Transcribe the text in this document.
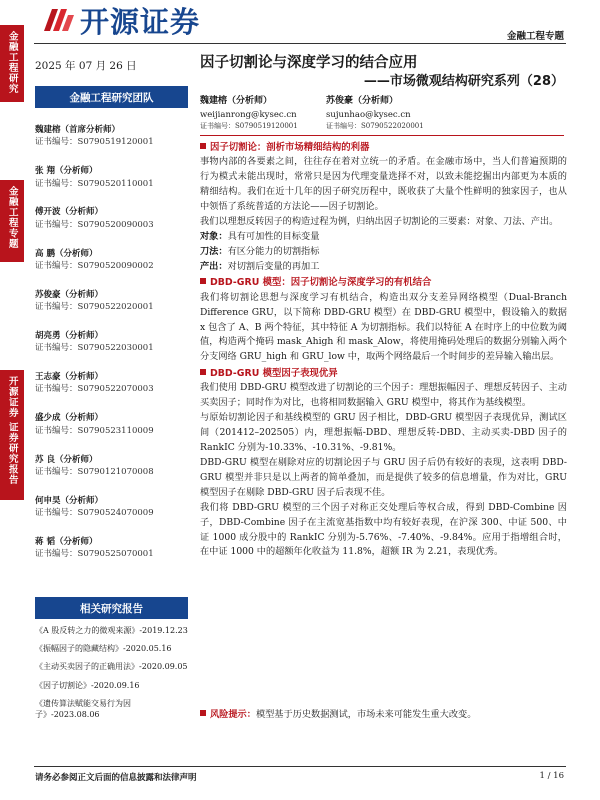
开源证券	金融工程专题
金融工程研究
金融工程专题
开源证券 证券研究报告
2025 年 07 月 26 日
金融工程研究团队
魏建榕（首席分析师）
证书编号：S0790519120001
张 翔（分析师）
证书编号：S0790520110001
傅开波（分析师）
证书编号：S0790520090003
高 鹏（分析师）
证书编号：S0790520090002
苏俊豪（分析师）
证书编号：S0790522020001
胡亮勇（分析师）
证书编号：S0790522030001
王志豪（分析师）
证书编号：S0790522070003
盛少成（分析师）
证书编号：S0790523110009
苏 良（分析师）
证书编号：S0790121070008
何申昊（分析师）
证书编号：S0790524070009
蒋 韬（分析师）
证书编号：S0790525070001
相关研究报告
《A 股反转之力的微观来源》-2019.12.23
《振幅因子的隐藏结构》-2020.05.16
《主动买卖因子的正确用法》-2020.09.05
《因子切割论》-2020.09.16
《遗传算法赋能交易行为因子》-2023.08.06
因子切割论与深度学习的结合应用
——市场微观结构研究系列（28）
魏建榕（分析师）
weijianrong@kysec.cn
证书编号：S0790519120001
苏俊豪（分析师）
sujunhao@kysec.cn
证书编号：S0790522020001
因子切割论：剖析市场精细结构的利器
事物内部的各要素之间，往往存在着对立统一的矛盾。在金融市场中，当人们普遍预期的行为模式未能出现时，常常只是因为代理变量选择不对，以致未能挖掘出内部更为本质的精细结构。我们在近十几年的因子研究历程中，既收获了大量个性鲜明的独家因子，也从中领悟了系统普适的方法论——因子切割论。
我们以理想反转因子的构造过程为例，归纳出因子切割论的三要素：对象、刀法、产出。
对象：具有可加性的目标变量
刀法：有区分能力的切割指标
产出：对切割后变量的再加工
DBD-GRU 模型：因子切割论与深度学习的有机结合
我们将切割论思想与深度学习有机结合，构造出双分支差异网络模型（Dual-Branch Difference GRU，以下简称 DBD-GRU 模型）在 DBD-GRU 模型中，假设输入的数据 x 包含了 A、B 两个特征，其中特征 A 为切割指标。我们以特征 A 在时序上的中位数为阈值，构造两个掩码 mask_Ahigh 和 mask_Alow，将使用掩码处理后的数据分别输入两个分支网络 GRU_high 和 GRU_low 中，取两个网络最后一个时间步的差异输入输出层。
DBD-GRU 模型因子表现优异
我们使用 DBD-GRU 模型改进了切割论的三个因子：理想振幅因子、理想反转因子、主动买卖因子；同时作为对比，也将相同数据输入 GRU 模型中，将其作为基线模型。
与原始切割论因子和基线模型的 GRU 因子相比，DBD-GRU 模型因子表现优异，测试区间（201412–202505）内，理想振幅-DBD、理想反转-DBD、主动买卖-DBD 因子的 RankIC 分别为-10.33%、-10.31%、-9.81%。
DBD-GRU 模型在剔除对应的切割论因子与 GRU 因子后仍有较好的表现，这表明 DBD-GRU 模型并非只是以上两者的简单叠加，而是提供了较多的信息增量，作为对比，GRU 模型因子在剔除 DBD-GRU 因子后表现不佳。
我们将 DBD-GRU 模型的三个因子对称正交处理后等权合成，得到 DBD-Combine 因子，DBD-Combine 因子在主流宽基指数中均有较好表现，在沪深 300、中证 500、中证 1000 成分股中的 RankIC 分别为-5.76%、-7.40%、-9.84%。应用于指增组合时，在中证 1000 中的超额年化收益为 11.8%，超额 IR 为 2.21，表现优秀。
风险提示：模型基于历史数据测试，市场未来可能发生重大改变。
请务必参阅正文后面的信息披露和法律声明	1 / 16
